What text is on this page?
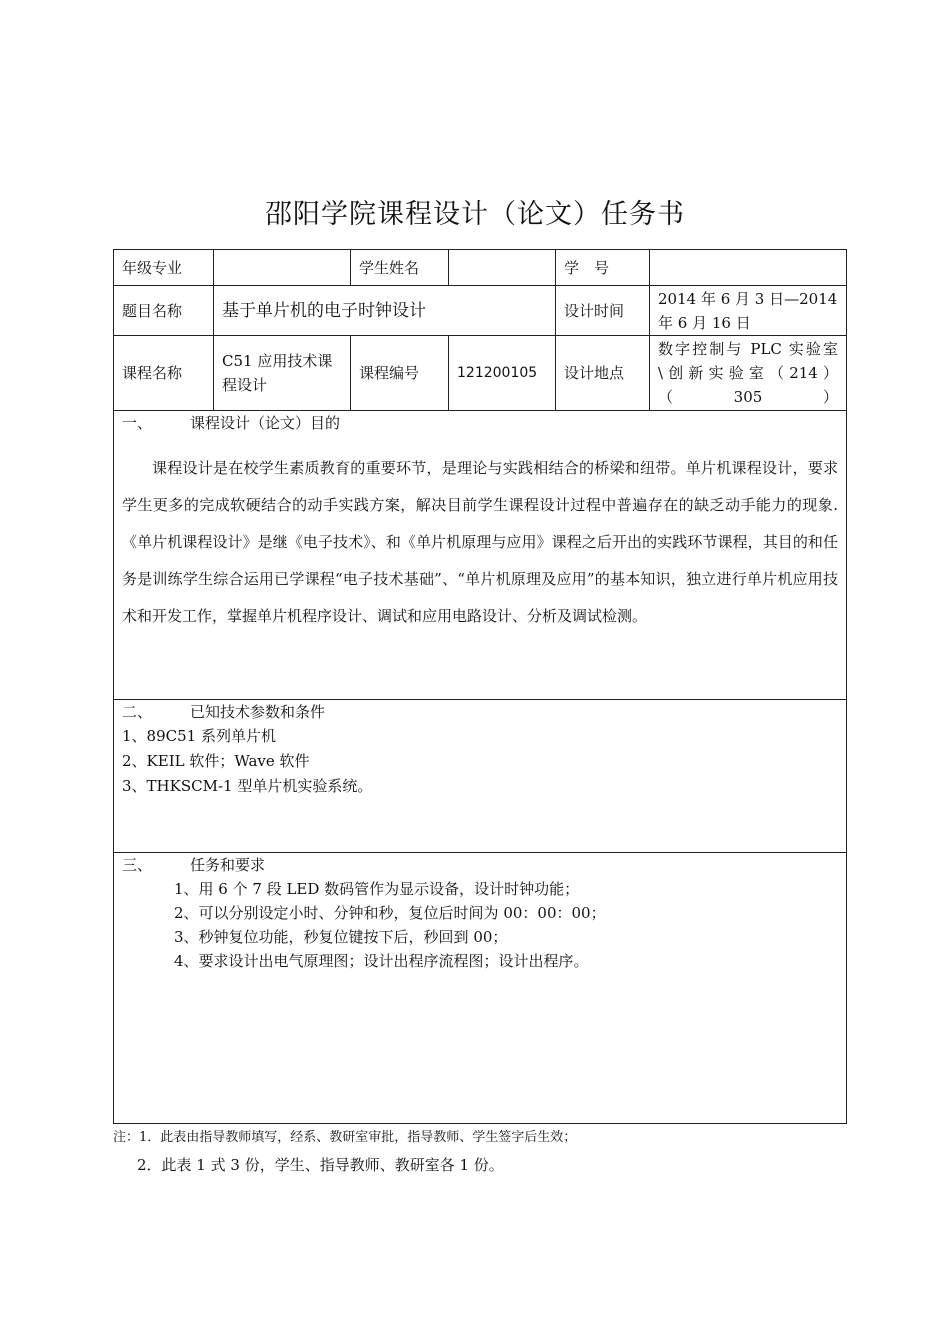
邵阳学院课程设计（论文）任务书
年级专业		学生姓名		学　号	
题目名称	基于单片机的电子时钟设计			设计时间	2014 年 6 月 3 日—2014 年 6 月 16 日
课程名称	C51 应用技术课程设计	课程编号	121200105	设计地点	数字控制与 PLC 实验室\创新实验室（214）（305）

一、 课程设计（论文）目的
课程设计是在校学生素质教育的重要环节，是理论与实践相结合的桥梁和纽带。单片机课程设计，要求学生更多的完成软硬结合的动手实践方案，解决目前学生课程设计过程中普遍存在的缺乏动手能力的现象. 《单片机课程设计》是继《电子技术》、和《单片机原理与应用》课程之后开出的实践环节课程，其目的和任务是训练学生综合运用已学课程“电子技术基础”、“单片机原理及应用”的基本知识，独立进行单片机应用技术和开发工作，掌握单片机程序设计、调试和应用电路设计、分析及调试检测。					

二、 已知技术参数和条件
1、89C51 系列单片机
2、KEIL 软件；Wave 软件
3、THKSCM-1 型单片机实验系统。					

三、 任务和要求
1、用 6 个 7 段 LED 数码管作为显示设备，设计时钟功能；
2、可以分别设定小时、分钟和秒，复位后时间为 00：00：00；
3、秒钟复位功能，秒复位键按下后，秒回到 00；
4、要求设计出电气原理图；设计出程序流程图；设计出程序。					
注：1．此表由指导教师填写，经系、教研室审批，指导教师、学生签字后生效；
2．此表 1 式 3 份，学生、指导教师、教研室各 1 份。
